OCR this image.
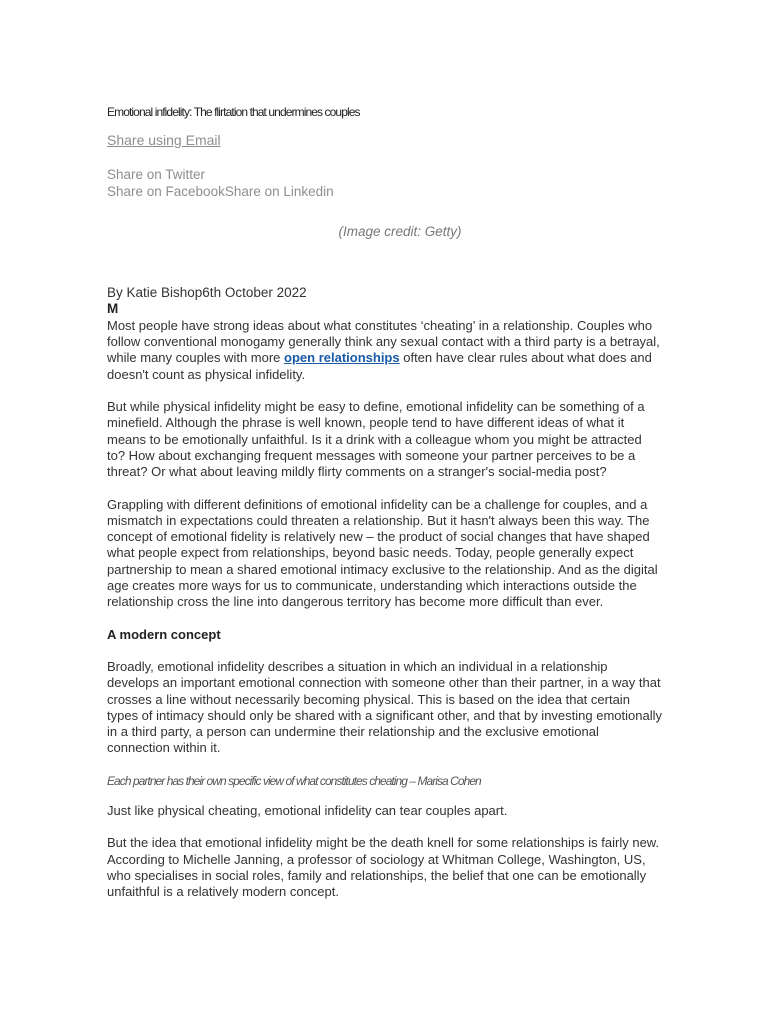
Emotional infidelity: The flirtation that undermines couples
Share using Email
Share on Twitter
Share on FacebookShare on Linkedin
(Image credit: Getty)
By Katie Bishop6th October 2022
M

Most people have strong ideas about what constitutes ‘cheating’ in a relationship. Couples who follow conventional monogamy generally think any sexual contact with a third party is a betrayal, while many couples with more open relationships often have clear rules about what does and doesn't count as physical infidelity.

But while physical infidelity might be easy to define, emotional infidelity can be something of a minefield. Although the phrase is well known, people tend to have different ideas of what it means to be emotionally unfaithful. Is it a drink with a colleague whom you might be attracted to? How about exchanging frequent messages with someone your partner perceives to be a threat? Or what about leaving mildly flirty comments on a stranger's social-media post?

Grappling with different definitions of emotional infidelity can be a challenge for couples, and a mismatch in expectations could threaten a relationship. But it hasn't always been this way. The concept of emotional fidelity is relatively new – the product of social changes that have shaped what people expect from relationships, beyond basic needs. Today, people generally expect partnership to mean a shared emotional intimacy exclusive to the relationship. And as the digital age creates more ways for us to communicate, understanding which interactions outside the relationship cross the line into dangerous territory has become more difficult than ever.

A modern concept

Broadly, emotional infidelity describes a situation in which an individual in a relationship develops an important emotional connection with someone other than their partner, in a way that crosses a line without necessarily becoming physical. This is based on the idea that certain types of intimacy should only be shared with a significant other, and that by investing emotionally in a third party, a person can undermine their relationship and the exclusive emotional connection within it.

Each partner has their own specific view of what constitutes cheating – Marisa Cohen

Just like physical cheating, emotional infidelity can tear couples apart.

But the idea that emotional infidelity might be the death knell for some relationships is fairly new. According to Michelle Janning, a professor of sociology at Whitman College, Washington, US, who specialises in social roles, family and relationships, the belief that one can be emotionally unfaithful is a relatively modern concept.
